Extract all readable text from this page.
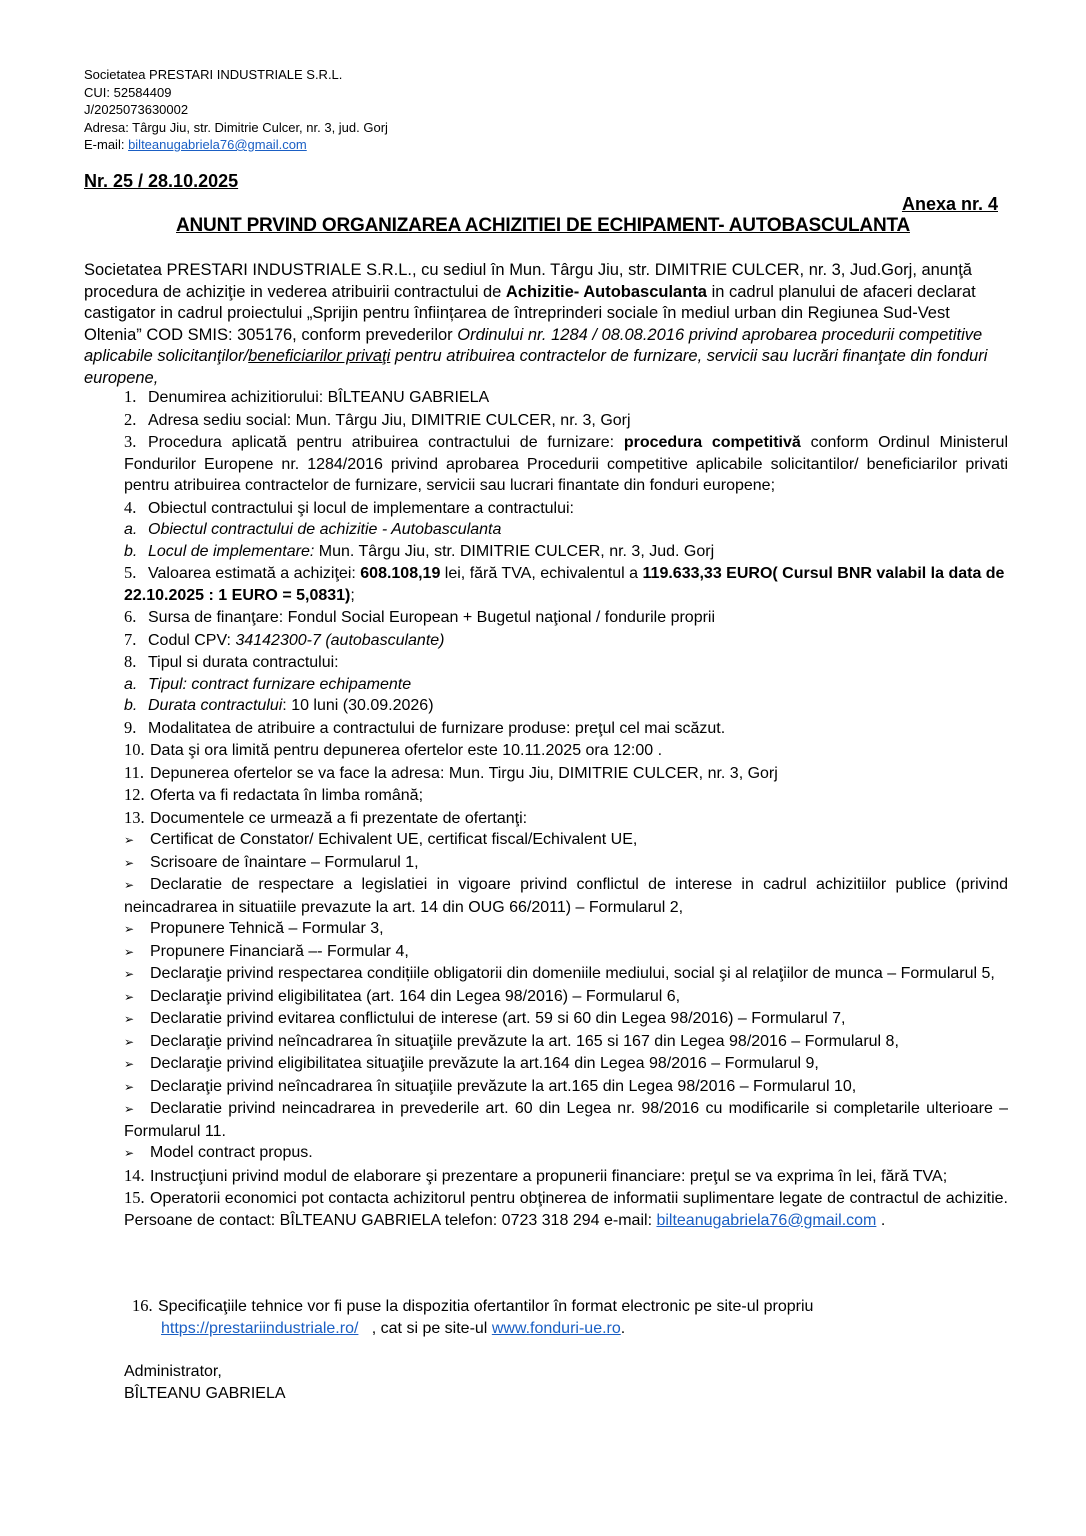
Societatea PRESTARI INDUSTRIALE S.R.L.
CUI: 52584409
J/2025073630002
Adresa: Târgu Jiu, str. Dimitrie Culcer, nr. 3, jud. Gorj
E-mail: bilteanugabriela76@gmail.com
Nr. 25 / 28.10.2025
Anexa nr. 4
ANUNT PRVIND ORGANIZAREA ACHIZITIEI DE ECHIPAMENT- AUTOBASCULANTA
Societatea PRESTARI INDUSTRIALE S.R.L., cu sediul în Mun. Târgu Jiu, str. DIMITRIE CULCER, nr. 3, Jud.Gorj, anunţă procedura de achiziţie in vederea atribuirii contractului de Achizitie- Autobasculanta in cadrul planului de afaceri declarat castigator in cadrul proiectului „Sprijin pentru înființarea de întreprinderi sociale în mediul urban din Regiunea Sud-Vest Oltenia” COD SMIS: 305176, conform prevederilor Ordinului nr. 1284 / 08.08.2016 privind aprobarea procedurii competitive aplicabile solicitanţilor/beneficiarilor privaţi pentru atribuirea contractelor de furnizare, servicii sau lucrări finanţate din fonduri europene,
1. Denumirea achizitiorului: BÎLTEANU GABRIELA
2. Adresa sediu social: Mun. Târgu Jiu, DIMITRIE CULCER, nr. 3, Gorj
3. Procedura aplicată pentru atribuirea contractului de furnizare: procedura competitivă conform Ordinul Ministerul Fondurilor Europene nr. 1284/2016 privind aprobarea Procedurii competitive aplicabile solicitantilor/ beneficiarilor privati pentru atribuirea contractelor de furnizare, servicii sau lucrari finantate din fonduri europene;
4. Obiectul contractului şi locul de implementare a contractului:
a. Obiectul contractului de achizitie - Autobasculanta
b. Locul de implementare: Mun. Târgu Jiu, str. DIMITRIE CULCER, nr. 3, Jud. Gorj
5. Valoarea estimată a achiziţei: 608.108,19 lei, fără TVA, echivalentul a 119.633,33 EURO( Cursul BNR valabil la data de 22.10.2025 : 1 EURO = 5,0831);
6. Sursa de finanţare: Fondul Social European + Bugetul naţional / fondurile proprii
7. Codul CPV: 34142300-7 (autobasculante)
8. Tipul si durata contractului:
a. Tipul: contract furnizare echipamente
b. Durata contractului: 10 luni (30.09.2026)
9. Modalitatea de atribuire a contractului de furnizare produse: preţul cel mai scăzut.
10. Data şi ora limită pentru depunerea ofertelor este 10.11.2025 ora 12:00 .
11. Depunerea ofertelor se va face la adresa: Mun. Tirgu Jiu, DIMITRIE CULCER, nr. 3, Gorj
12. Oferta va fi redactata în limba română;
13. Documentele ce urmează a fi prezentate de ofertanţi:
➢ Certificat de Constator/ Echivalent UE, certificat fiscal/Echivalent UE,
➢ Scrisoare de înaintare – Formularul 1,
➢ Declaratie de respectare a legislatiei in vigoare privind conflictul de interese in cadrul achizitiilor publice (privind neincadrarea in situatiile prevazute la art. 14 din OUG 66/2011) – Formularul 2,
➢ Propunere Tehnică – Formular 3,
➢ Propunere Financiară –- Formular 4,
➢ Declaraţie privind respectarea condițiile obligatorii din domeniile mediului, social şi al relaţiilor de munca – Formularul 5,
➢ Declaraţie privind eligibilitatea (art. 164 din Legea 98/2016) – Formularul 6,
➢ Declaratie privind evitarea conflictului de interese (art. 59 si 60 din Legea 98/2016) – Formularul 7,
➢ Declaraţie privind neîncadrarea în situaţiile prevăzute la art. 165 si 167 din Legea 98/2016 – Formularul 8,
➢ Declaraţie privind eligibilitatea situaţiile prevăzute la art.164 din Legea 98/2016 – Formularul 9,
➢ Declaraţie privind neîncadrarea în situaţiile prevăzute la art.165 din Legea 98/2016 – Formularul 10,
➢ Declaratie privind neincadrarea in prevederile art. 60 din Legea nr. 98/2016 cu modificarile si completarile ulterioare – Formularul 11.
➢ Model contract propus.
14. Instrucţiuni privind modul de elaborare şi prezentare a propunerii financiare: preţul se va exprima în lei, fără TVA;
15. Operatorii economici pot contacta achizitorul pentru obţinerea de informatii suplimentare legate de contractul de achizitie. Persoane de contact: BÎLTEANU GABRIELA telefon: 0723 318 294 e-mail: bilteanugabriela76@gmail.com .
16. Specificaţiile tehnice vor fi puse la dispozitia ofertantilor în format electronic pe site-ul propriu
https://prestariindustriale.ro/   , cat si pe site-ul www.fonduri-ue.ro.
Administrator,
BÎLTEANU GABRIELA
